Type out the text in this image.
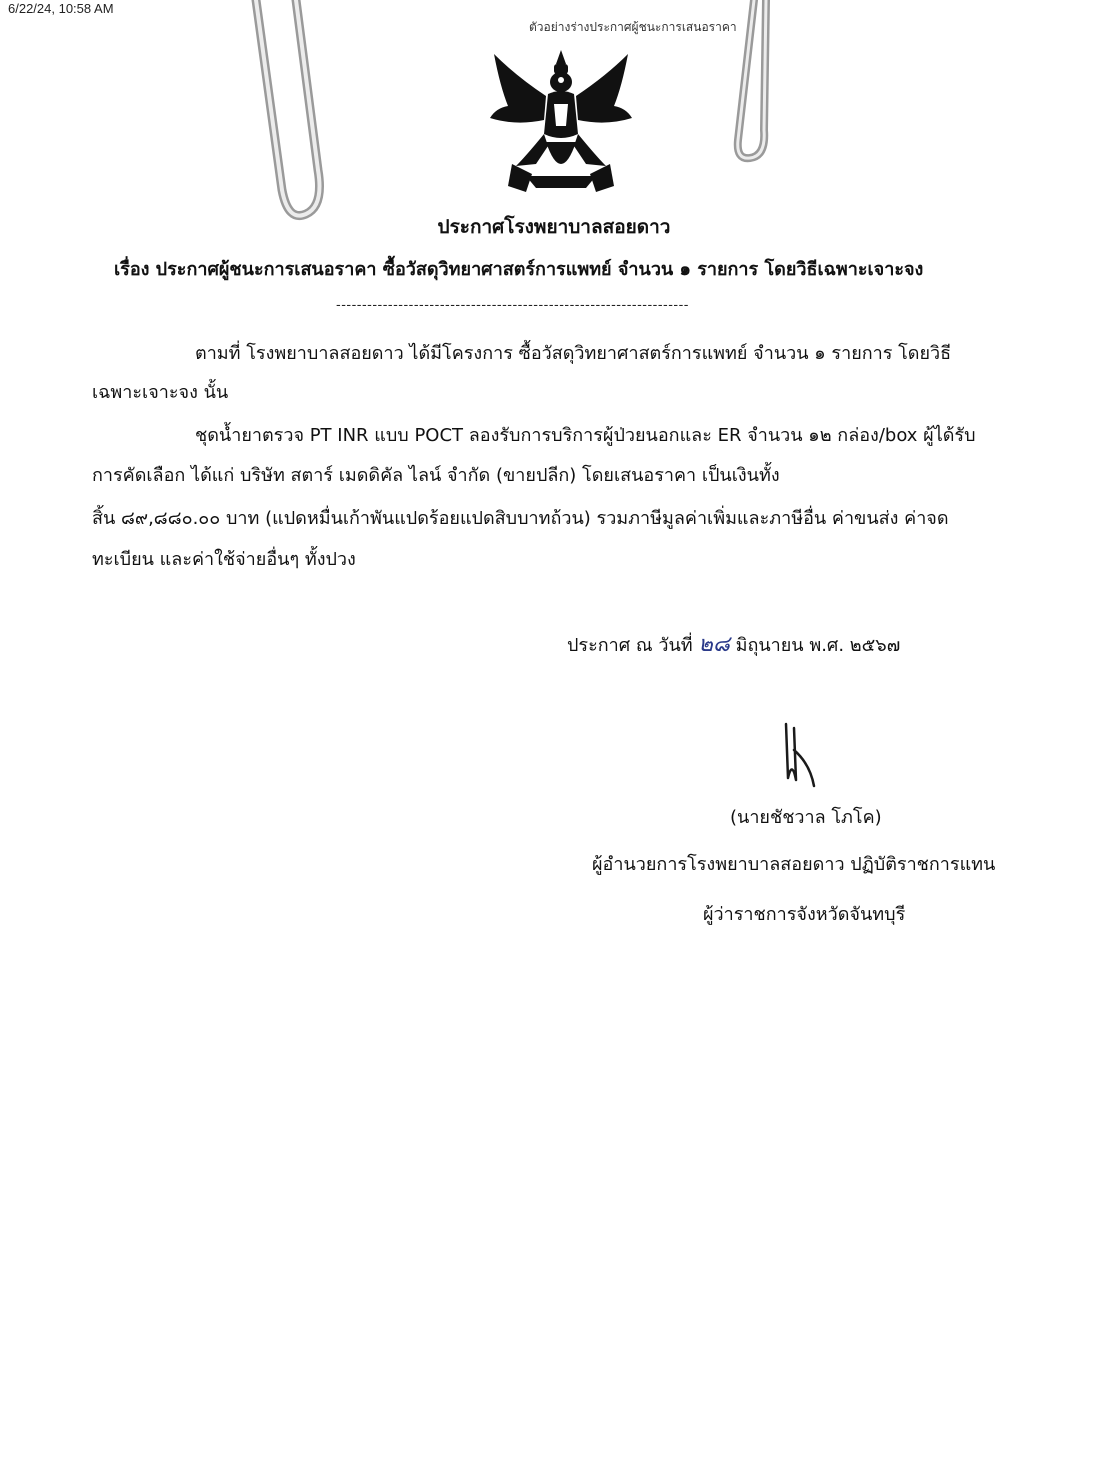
6/22/24, 10:58 AM
ตัวอย่างร่างประกาศผู้ชนะการเสนอราคา
ประกาศโรงพยาบาลสอยดาว
เรื่อง ประกาศผู้ชนะการเสนอราคา ซื้อวัสดุวิทยาศาสตร์การแพทย์ จำนวน ๑ รายการ โดยวิธีเฉพาะเจาะจง
--------------------------------------------------------------------
ตามที่ โรงพยาบาลสอยดาว ได้มีโครงการ ซื้อวัสดุวิทยาศาสตร์การแพทย์ จำนวน ๑ รายการ โดยวิธี
เฉพาะเจาะจง นั้น
ชุดน้ำยาตรวจ PT INR แบบ POCT ลองรับการบริการผู้ป่วยนอกและ ER จำนวน ๑๒ กล่อง/box ผู้ได้รับ
การคัดเลือก ได้แก่ บริษัท สตาร์ เมดดิคัล ไลน์ จำกัด (ขายปลีก) โดยเสนอราคา เป็นเงินทั้ง
สิ้น ๘๙,๘๘๐.๐๐ บาท (แปดหมื่นเก้าพันแปดร้อยแปดสิบบาทถ้วน) รวมภาษีมูลค่าเพิ่มและภาษีอื่น ค่าขนส่ง ค่าจด
ทะเบียน และค่าใช้จ่ายอื่นๆ ทั้งปวง
ประกาศ ณ วันที่ ๒๘ มิถุนายน พ.ศ. ๒๕๖๗
(นายชัชวาล โภโค)
ผู้อำนวยการโรงพยาบาลสอยดาว ปฏิบัติราชการแทน
ผู้ว่าราชการจังหวัดจันทบุรี
